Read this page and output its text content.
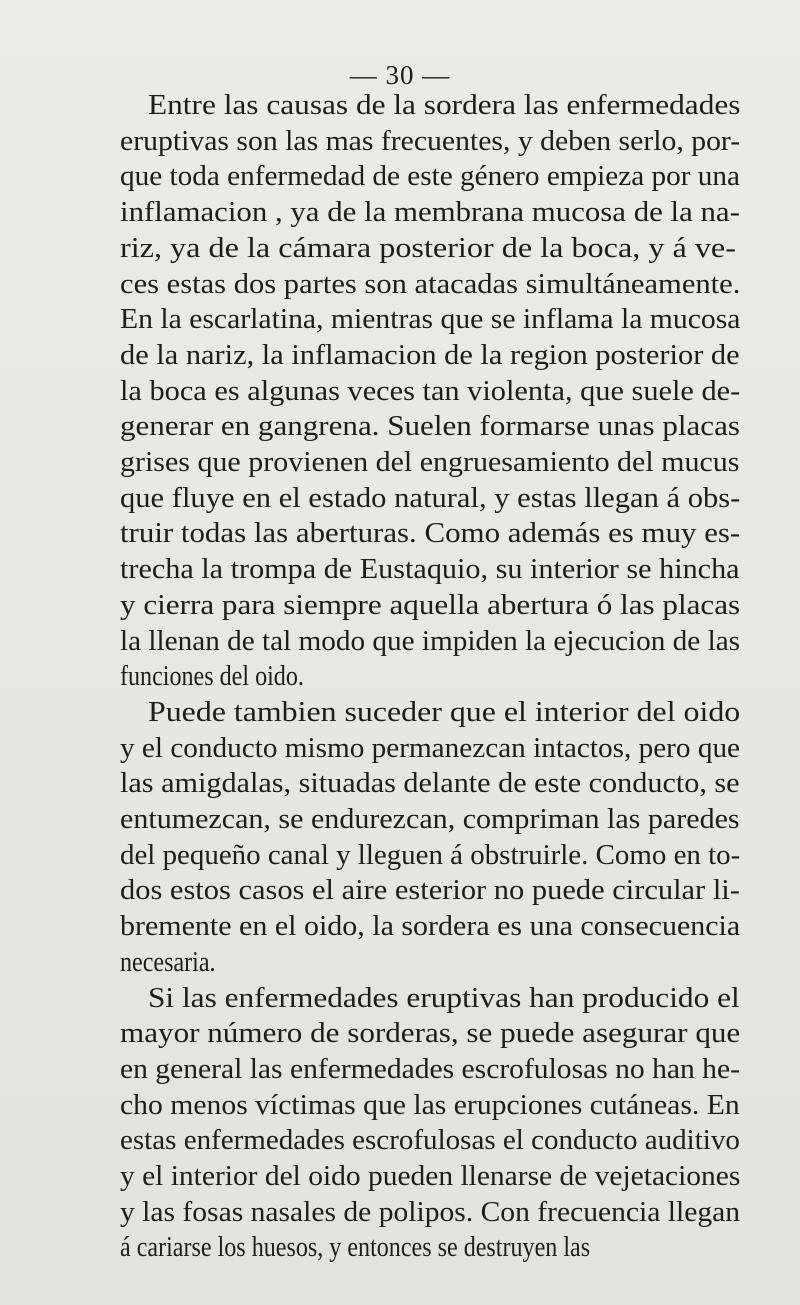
— 30 —
Entre las causas de la sordera las enfermedades
eruptivas son las mas frecuentes, y deben serlo, por-
que toda enfermedad de este género empieza por una
inflamacion , ya de la membrana mucosa de la na-
riz, ya de la cámara posterior de la boca, y á ve-
ces estas dos partes son atacadas simultáneamente.
En la escarlatina, mientras que se inflama la mucosa
de la nariz, la inflamacion de la region posterior de
la boca es algunas veces tan violenta, que suele de-
generar en gangrena. Suelen formarse unas placas
grises que provienen del engruesamiento del mucus
que fluye en el estado natural, y estas llegan á obs-
truir todas las aberturas. Como además es muy es-
trecha la trompa de Eustaquio, su interior se hincha
y cierra para siempre aquella abertura ó las placas
la llenan de tal modo que impiden la ejecucion de las
funciones del oido.
Puede tambien suceder que el interior del oido
y el conducto mismo permanezcan intactos, pero que
las amigdalas, situadas delante de este conducto, se
entumezcan, se endurezcan, compriman las paredes
del pequeño canal y lleguen á obstruirle. Como en to-
dos estos casos el aire esterior no puede circular li-
bremente en el oido, la sordera es una consecuencia
necesaria.
Si las enfermedades eruptivas han producido el
mayor número de sorderas, se puede asegurar que
en general las enfermedades escrofulosas no han he-
cho menos víctimas que las erupciones cutáneas. En
estas enfermedades escrofulosas el conducto auditivo
y el interior del oido pueden llenarse de vejetaciones
y las fosas nasales de polipos. Con frecuencia llegan
á cariarse los huesos, y entonces se destruyen las
